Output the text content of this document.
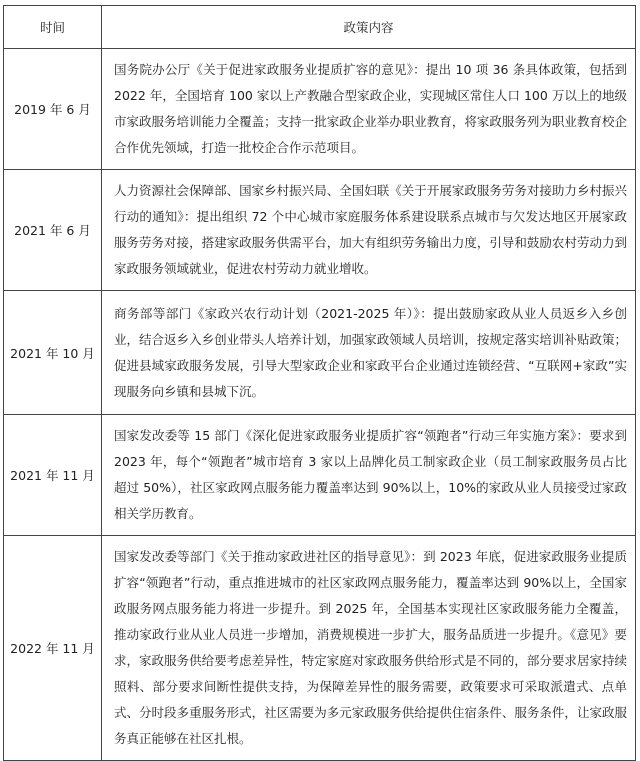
时间	政策内容
2019 年 6 月	国务院办公厅《关于促进家政服务业提质扩容的意见》：提出 10 项 36 条具体政策，包括到 2022 年，全国培育 100 家以上产教融合型家政企业，实现城区常住人口 100 万以上的地级市家政服务培训能力全覆盖；支持一批家政企业举办职业教育，将家政服务列为职业教育校企合作优先领域，打造一批校企合作示范项目。
2021 年 6 月	人力资源社会保障部、国家乡村振兴局、全国妇联《关于开展家政服务劳务对接助力乡村振兴行动的通知》：提出组织 72 个中心城市家庭服务体系建设联系点城市与欠发达地区开展家政服务劳务对接，搭建家政服务供需平台，加大有组织劳务输出力度，引导和鼓励农村劳动力到家政服务领域就业，促进农村劳动力就业增收。
2021 年 10 月	商务部等部门《家政兴农行动计划（2021-2025 年）》：提出鼓励家政从业人员返乡入乡创业，结合返乡入乡创业带头人培养计划，加强家政领域人员培训，按规定落实培训补贴政策；促进县域家政服务发展，引导大型家政企业和家政平台企业通过连锁经营、“互联网+家政”实现服务向乡镇和县城下沉。
2021 年 11 月	国家发改委等 15 部门《深化促进家政服务业提质扩容“领跑者”行动三年实施方案》：要求到 2023 年，每个“领跑者”城市培育 3 家以上品牌化员工制家政企业（员工制家政服务员占比超过 50%），社区家政网点服务能力覆盖率达到 90%以上，10%的家政从业人员接受过家政相关学历教育。
2022 年 11 月	国家发改委等部门《关于推动家政进社区的指导意见》：到 2023 年底，促进家政服务业提质扩容“领跑者”行动，重点推进城市的社区家政网点服务能力，覆盖率达到 90%以上，全国家政服务网点服务能力将进一步提升。到 2025 年，全国基本实现社区家政服务能力全覆盖，推动家政行业从业人员进一步增加，消费规模进一步扩大，服务品质进一步提升。《意见》要求，家政服务供给要考虑差异性，特定家庭对家政服务供给形式是不同的，部分要求居家持续照料、部分要求间断性提供支持，为保障差异性的服务需要，政策要求可采取派遣式、点单式、分时段多重服务形式，社区需要为多元家政服务供给提供住宿条件、服务条件，让家政服务真正能够在社区扎根。
